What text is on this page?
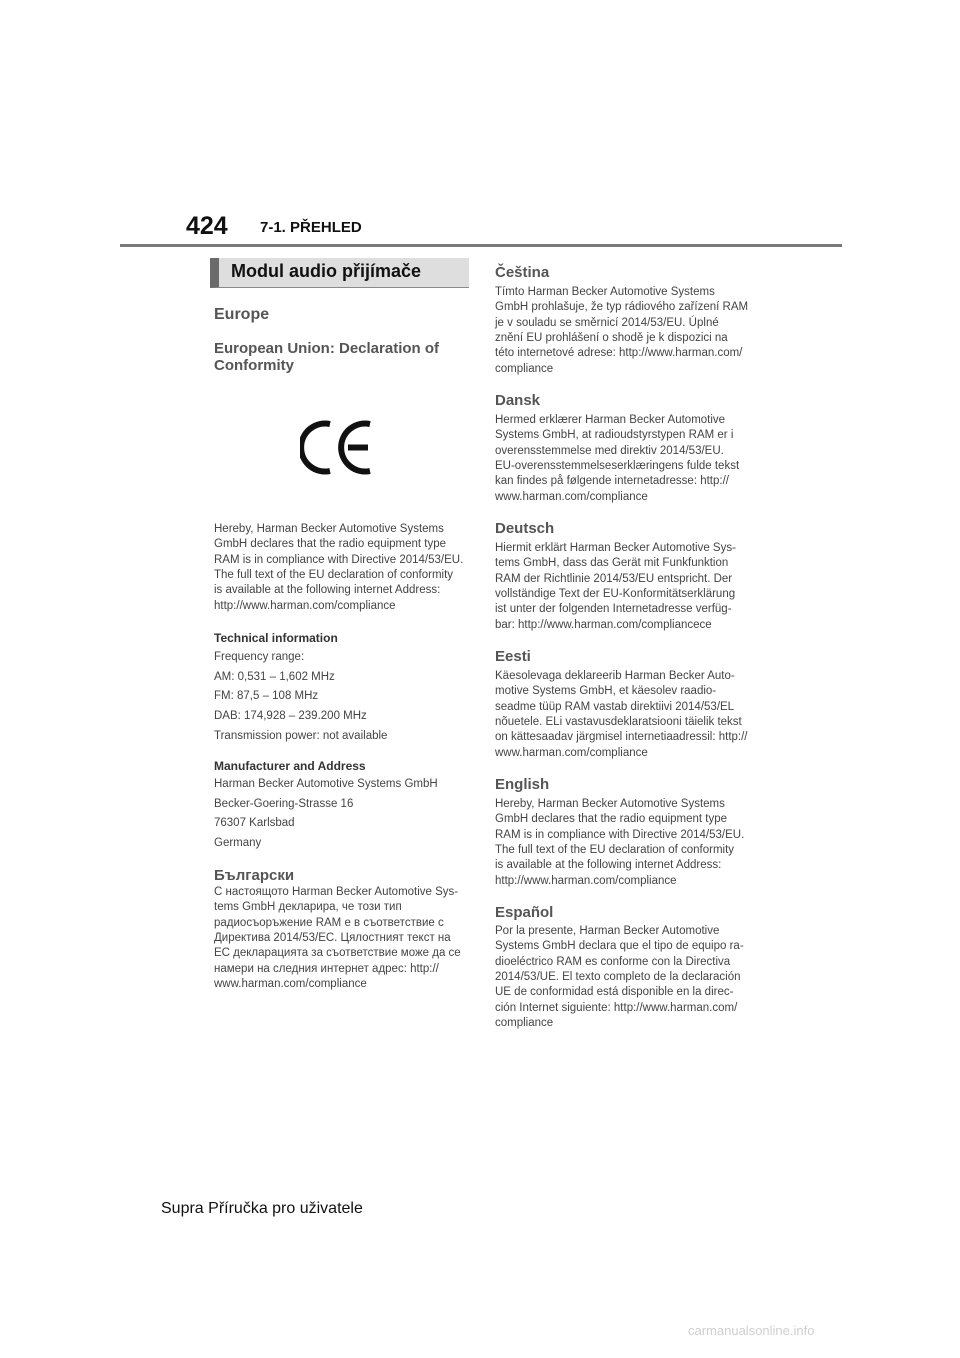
424 7-1. PŘEHLED
Modul audio přijímače
Europe
European Union: Declaration of
Conformity
Hereby, Harman Becker Automotive Systems
GmbH declares that the radio equipment type
RAM is in compliance with Directive 2014/53/EU.
The full text of the EU declaration of conformity
is available at the following internet Address:
http://www.harman.com/compliance
Technical information
Frequency range:
AM: 0,531 – 1,602 MHz
FM: 87,5 – 108 MHz
DAB: 174,928 – 239.200 MHz
Transmission power: not available
Manufacturer and Address
Harman Becker Automotive Systems GmbH
Becker-Goering-Strasse 16
76307 Karlsbad
Germany
Български
С настоящото Harman Becker Automotive Sys-
tems GmbH декларира, че този тип
радиосъоръжение RAM е в съответствие с
Директива 2014/53/ЕС. Цялостният текст на
ЕС декларацията за съответствие може да се
намери на следния интернет адрес: http://
www.harman.com/compliance
Čeština
Tímto Harman Becker Automotive Systems
GmbH prohlašuje, že typ rádiového zařízení RAM
je v souladu se směrnicí 2014/53/EU. Úplné
znění EU prohlášení o shodě je k dispozici na
této internetové adrese: http://www.harman.com/
compliance
Dansk
Hermed erklærer Harman Becker Automotive
Systems GmbH, at radioudstyrstypen RAM er i
overensstemmelse med direktiv 2014/53/EU.
EU-overensstemmelseserklæringens fulde tekst
kan findes på følgende internetadresse: http://
www.harman.com/compliance
Deutsch
Hiermit erklärt Harman Becker Automotive Sys-
tems GmbH, dass das Gerät mit Funkfunktion
RAM der Richtlinie 2014/53/EU entspricht. Der
vollständige Text der EU-Konformitätserklärung
ist unter der folgenden Internetadresse verfüg-
bar: http://www.harman.com/compliancece
Eesti
Käesolevaga deklareerib Harman Becker Auto-
motive Systems GmbH, et käesolev raadio-
seadme tüüp RAM vastab direktiivi 2014/53/EL
nõuetele. ELi vastavusdeklaratsiooni täielik tekst
on kättesaadav järgmisel internetiaadressil: http://
www.harman.com/compliance
English
Hereby, Harman Becker Automotive Systems
GmbH declares that the radio equipment type
RAM is in compliance with Directive 2014/53/EU.
The full text of the EU declaration of conformity
is available at the following internet Address:
http://www.harman.com/compliance
Español
Por la presente, Harman Becker Automotive
Systems GmbH declara que el tipo de equipo ra-
dioeléctrico RAM es conforme con la Directiva
2014/53/UE. El texto completo de la declaración
UE de conformidad está disponible en la direc-
ción Internet siguiente: http://www.harman.com/
compliance
Supra Příručka pro uživatele
carmanualsonline.info
